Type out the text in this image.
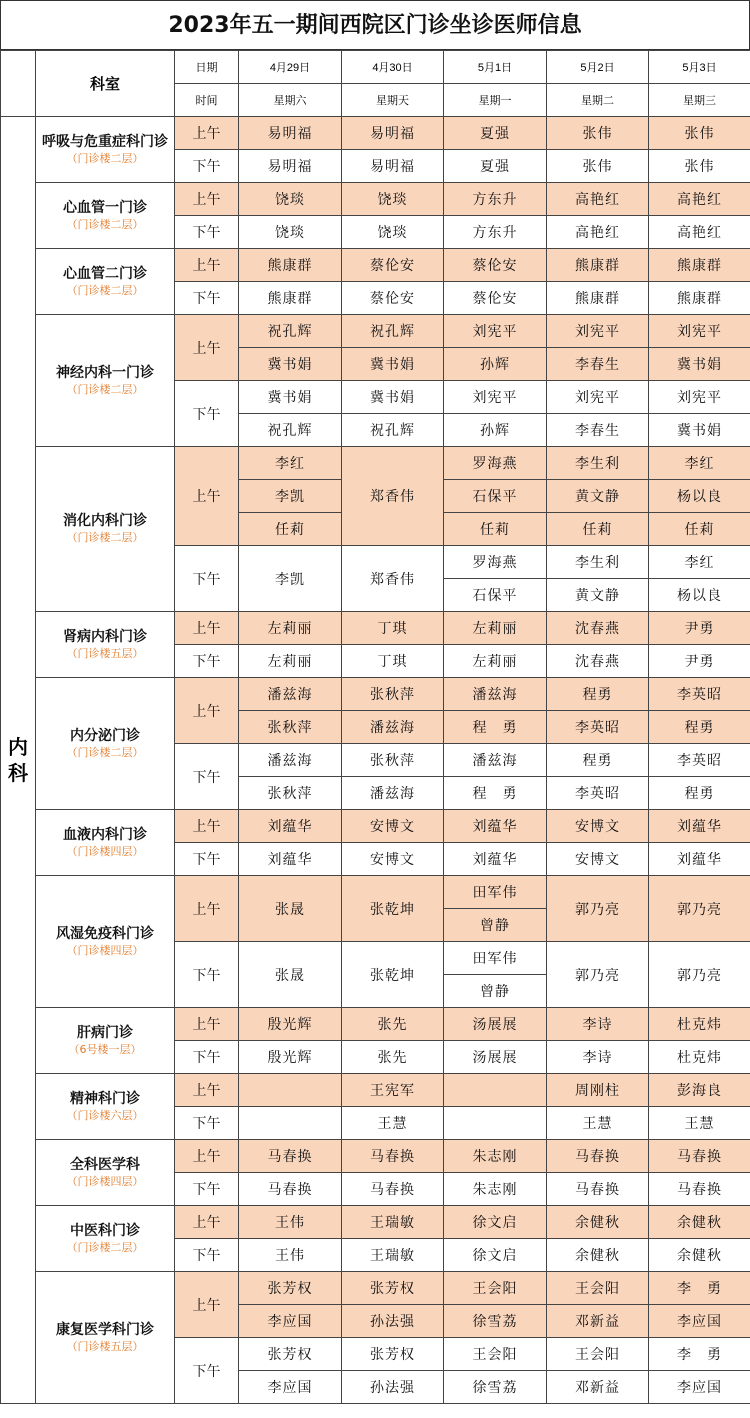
2023年五一期间西院区门诊坐诊医师信息
	科室	日期	4月29日	4月30日	5月1日	5月2日	5月3日
		时间	星期六	星期天	星期一	星期二	星期三
内
科	呼吸与危重症科门诊
（门诊楼二层）	上午	易明福	易明福	夏强	张伟	张伟
		下午	易明福	易明福	夏强	张伟	张伟

	心血管一门诊
（门诊楼二层）	上午	饶琰	饶琰	方东升	高艳红	高艳红
		下午	饶琰	饶琰	方东升	高艳红	高艳红

	心血管二门诊
（门诊楼二层）	上午	熊康群	蔡伦安	蔡伦安	熊康群	熊康群
		下午	熊康群	蔡伦安	蔡伦安	熊康群	熊康群

	神经内科一门诊
（门诊楼二层）	上午	祝孔辉	祝孔辉	刘宪平	刘宪平	刘宪平
			冀书娟	冀书娟	孙辉	李春生	冀书娟
		下午	冀书娟	冀书娟	刘宪平	刘宪平	刘宪平
			祝孔辉	祝孔辉	孙辉	李春生	冀书娟

	消化内科门诊
（门诊楼二层）	上午	李红	郑香伟	罗海燕	李生利	李红
			李凯		石保平	黄文静	杨以良
			任莉		任莉	任莉	任莉
		下午	李凯	郑香伟	罗海燕	李生利	李红
					石保平	黄文静	杨以良

	肾病内科门诊
（门诊楼五层）	上午	左莉丽	丁琪	左莉丽	沈春燕	尹勇
		下午	左莉丽	丁琪	左莉丽	沈春燕	尹勇

	内分泌门诊
（门诊楼二层）	上午	潘兹海	张秋萍	潘兹海	程勇	李英昭
			张秋萍	潘兹海	程　勇	李英昭	程勇
		下午	潘兹海	张秋萍	潘兹海	程勇	李英昭
			张秋萍	潘兹海	程　勇	李英昭	程勇

	血液内科门诊
（门诊楼四层）	上午	刘蕴华	安博文	刘蕴华	安博文	刘蕴华
		下午	刘蕴华	安博文	刘蕴华	安博文	刘蕴华

	风湿免疫科门诊
（门诊楼四层）	上午	张晟	张乾坤	田军伟	郭乃亮	郭乃亮
					曾静		
		下午	张晟	张乾坤	田军伟	郭乃亮	郭乃亮
					曾静		

	肝病门诊
（6号楼一层）	上午	殷光辉	张先	汤展展	李诗	杜克炜
		下午	殷光辉	张先	汤展展	李诗	杜克炜

	精神科门诊
（门诊楼六层）	上午		王宪军		周刚柱	彭海良
		下午		王慧		王慧	王慧

	全科医学科
（门诊楼四层）	上午	马春换	马春换	朱志刚	马春换	马春换
		下午	马春换	马春换	朱志刚	马春换	马春换

	中医科门诊
（门诊楼二层）	上午	王伟	王瑞敏	徐文启	余健秋	余健秋
		下午	王伟	王瑞敏	徐文启	余健秋	余健秋

	康复医学科门诊
（门诊楼五层）	上午	张芳权	张芳权	王会阳	王会阳	李　勇
			李应国	孙法强	徐雪荔	邓新益	李应国
		下午	张芳权	张芳权	王会阳	王会阳	李　勇
			李应国	孙法强	徐雪荔	邓新益	李应国
